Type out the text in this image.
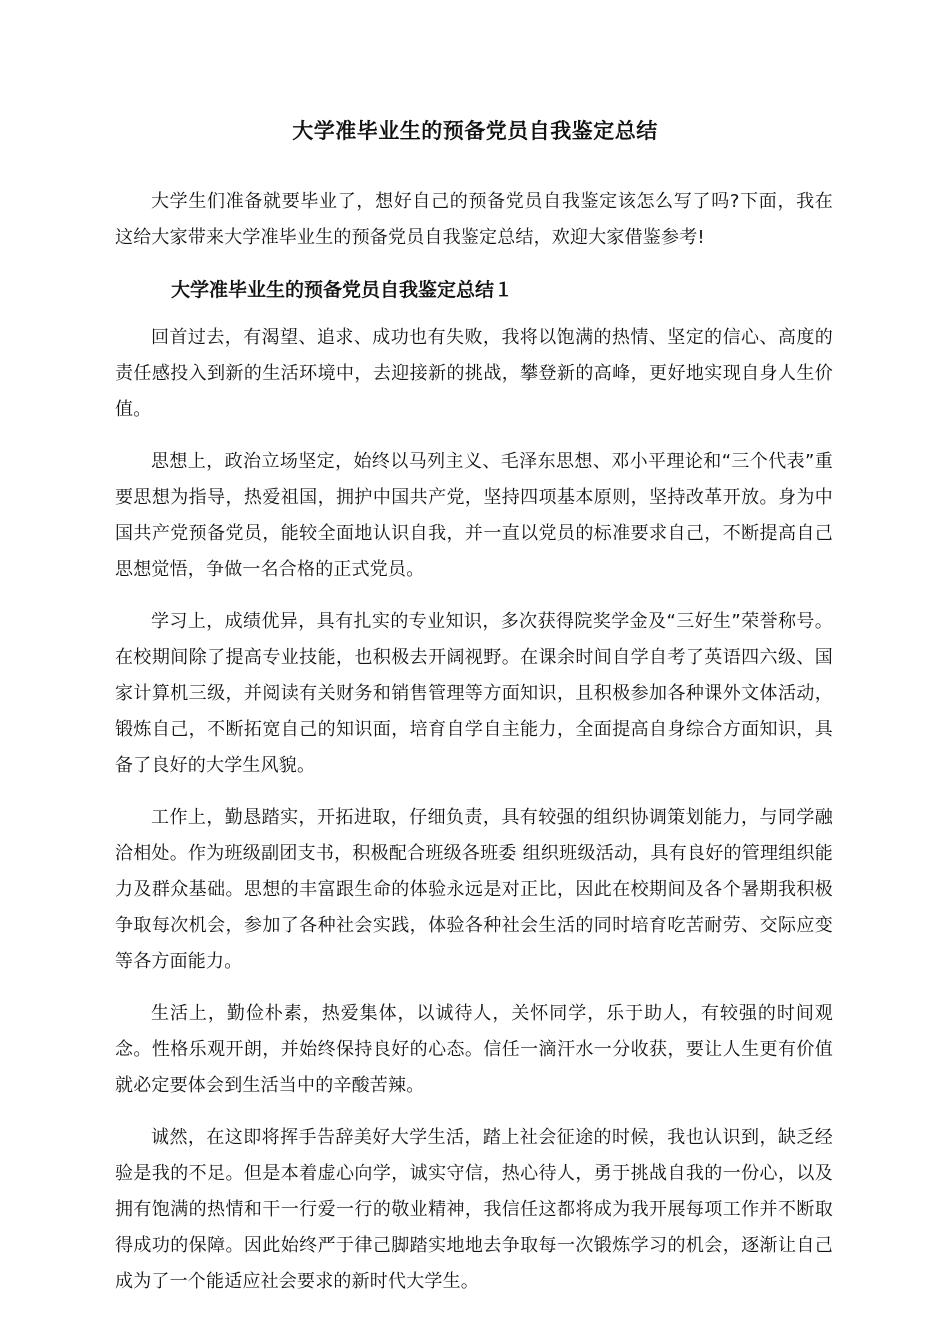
大学准毕业生的预备党员自我鉴定总结

大学生们准备就要毕业了，想好自己的预备党员自我鉴定该怎么写了吗?下面，我在这给大家带来大学准毕业生的预备党员自我鉴定总结，欢迎大家借鉴参考!

大学准毕业生的预备党员自我鉴定总结１

回首过去，有渴望、追求、成功也有失败，我将以饱满的热情、坚定的信心、高度的责任感投入到新的生活环境中，去迎接新的挑战，攀登新的高峰，更好地实现自身人生价值。

思想上，政治立场坚定，始终以马列主义、毛泽东思想、邓小平理论和“三个代表”重要思想为指导，热爱祖国，拥护中国共产党，坚持四项基本原则，坚持改革开放。身为中国共产党预备党员，能较全面地认识自我，并一直以党员的标准要求自己，不断提高自己思想觉悟，争做一名合格的正式党员。

学习上，成绩优异，具有扎实的专业知识，多次获得院奖学金及“三好生”荣誉称号。在校期间除了提高专业技能，也积极去开阔视野。在课余时间自学自考了英语四六级、国家计算机三级，并阅读有关财务和销售管理等方面知识，且积极参加各种课外文体活动，锻炼自己，不断拓宽自己的知识面，培育自学自主能力，全面提高自身综合方面知识，具备了良好的大学生风貌。

工作上，勤恳踏实，开拓进取，仔细负责，具有较强的组织协调策划能力，与同学融洽相处。作为班级副团支书，积极配合班级各班委 组织班级活动，具有良好的管理组织能力及群众基础。思想的丰富跟生命的体验永远是对正比，因此在校期间及各个暑期我积极争取每次机会，参加了各种社会实践，体验各种社会生活的同时培育吃苦耐劳、交际应变等各方面能力。

生活上，勤俭朴素，热爱集体，以诚待人，关怀同学，乐于助人，有较强的时间观念。性格乐观开朗，并始终保持良好的心态。信任一滴汗水一分收获，要让人生更有价值就必定要体会到生活当中的辛酸苦辣。

诚然，在这即将挥手告辞美好大学生活，踏上社会征途的时候，我也认识到，缺乏经验是我的不足。但是本着虚心向学，诚实守信，热心待人，勇于挑战自我的一份心，以及拥有饱满的热情和干一行爱一行的敬业精神，我信任这都将成为我开展每项工作并不断取得成功的保障。因此始终严于律己脚踏实地地去争取每一次锻炼学习的机会，逐渐让自己成为了一个能适应社会要求的新时代大学生。
